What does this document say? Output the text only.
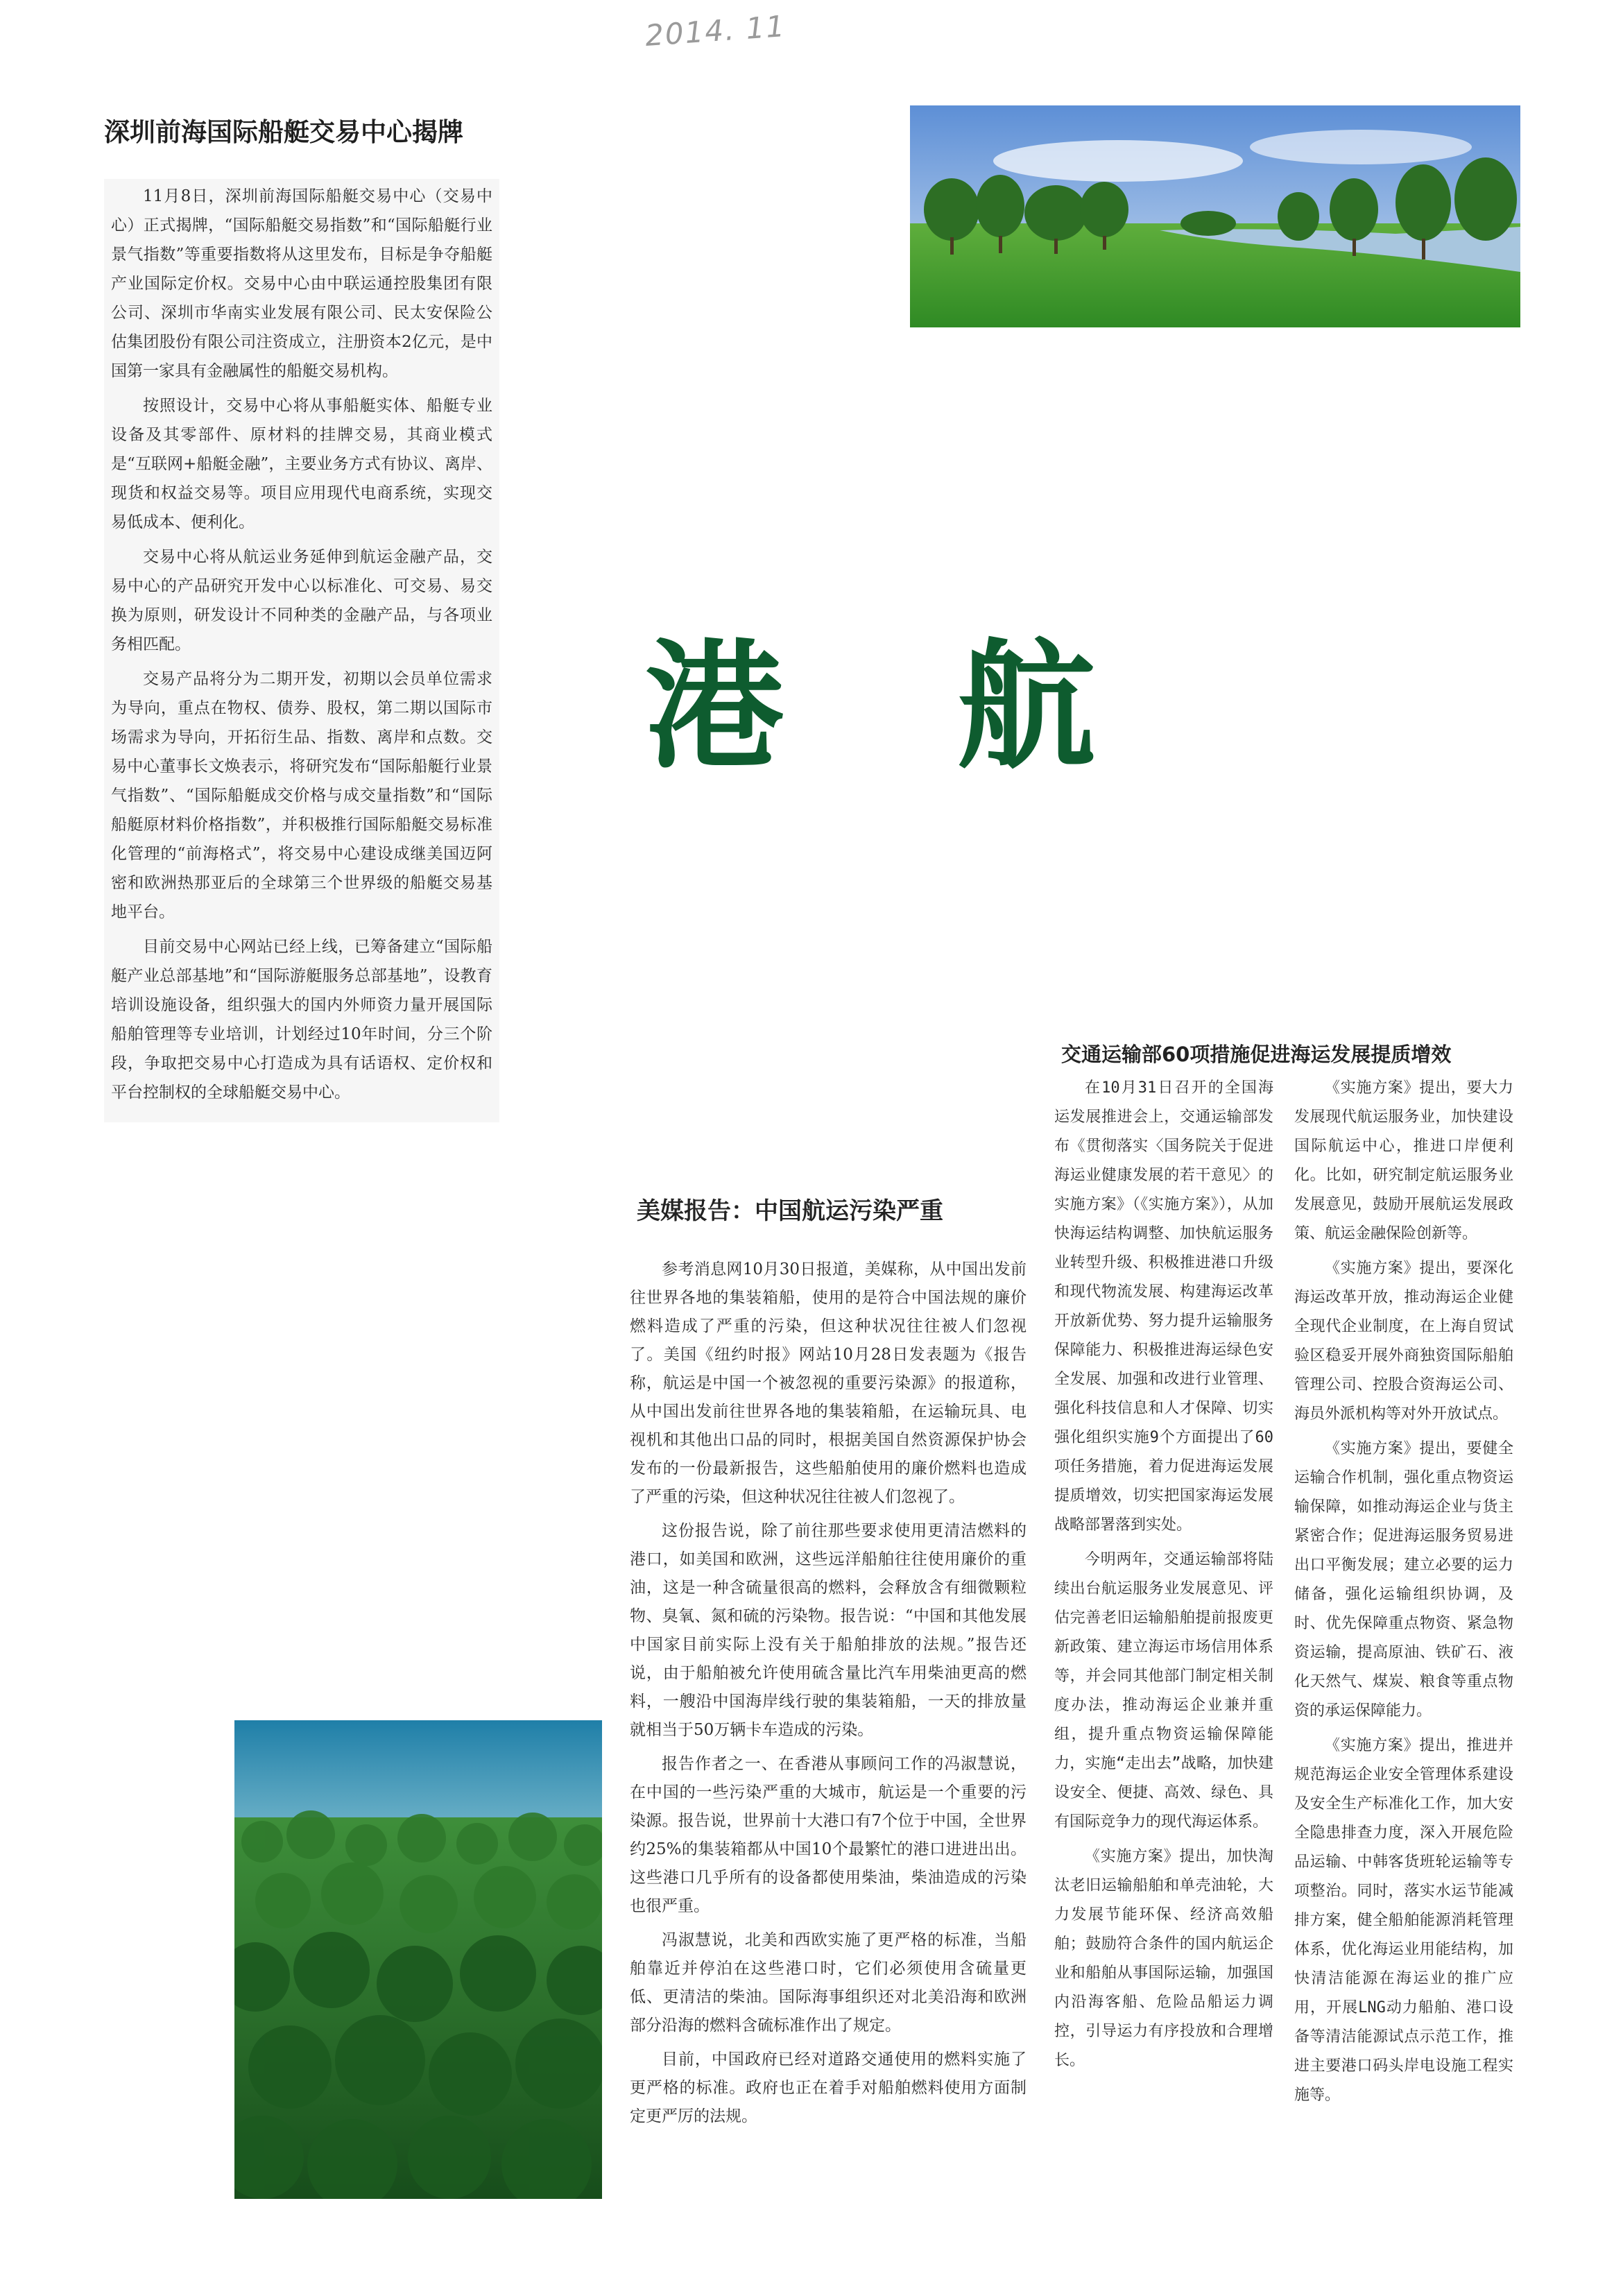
2014. 11
深圳前海国际船艇交易中心揭牌

11月8日，深圳前海国际船艇交易中心（交易中心）正式揭牌，“国际船艇交易指数”和“国际船艇行业景气指数”等重要指数将从这里发布，目标是争夺船艇产业国际定价权。交易中心由中联运通控股集团有限公司、深圳市华南实业发展有限公司、民太安保险公估集团股份有限公司注资成立，注册资本2亿元，是中国第一家具有金融属性的船艇交易机构。

按照设计，交易中心将从事船艇实体、船艇专业设备及其零部件、原材料的挂牌交易，其商业模式是“互联网+船艇金融”，主要业务方式有协议、离岸、现货和权益交易等。项目应用现代电商系统，实现交易低成本、便利化。

交易中心将从航运业务延伸到航运金融产品，交易中心的产品研究开发中心以标准化、可交易、易交换为原则，研发设计不同种类的金融产品，与各项业务相匹配。

交易产品将分为二期开发，初期以会员单位需求为导向，重点在物权、债券、股权，第二期以国际市场需求为导向，开拓衍生品、指数、离岸和点数。交易中心董事长文焕表示，将研究发布“国际船艇行业景气指数”、“国际船艇成交价格与成交量指数”和“国际船艇原材料价格指数”，并积极推行国际船艇交易标准化管理的“前海格式”，将交易中心建设成继美国迈阿密和欧洲热那亚后的全球第三个世界级的船艇交易基地平台。

目前交易中心网站已经上线，已筹备建立“国际船艇产业总部基地”和“国际游艇服务总部基地”，设教育培训设施设备，组织强大的国内外师资力量开展国际船舶管理等专业培训，计划经过10年时间，分三个阶段，争取把交易中心打造成为具有话语权、定价权和平台控制权的全球船艇交易中心。

港 航
交通运输部60项措施促进海运发展提质增效

在10月31日召开的全国海运发展推进会上，交通运输部发布《贯彻落实〈国务院关于促进海运业健康发展的若干意见〉的实施方案》（《实施方案》），从加快海运结构调整、加快航运服务业转型升级、积极推进港口升级和现代物流发展、构建海运改革开放新优势、努力提升运输服务保障能力、积极推进海运绿色安全发展、加强和改进行业管理、强化科技信息和人才保障、切实强化组织实施9个方面提出了60项任务措施，着力促进海运发展提质增效，切实把国家海运发展战略部署落到实处。

今明两年，交通运输部将陆续出台航运服务业发展意见、评估完善老旧运输船舶提前报废更新政策、建立海运市场信用体系等，并会同其他部门制定相关制度办法，推动海运企业兼并重组，提升重点物资运输保障能力，实施“走出去”战略，加快建设安全、便捷、高效、绿色、具有国际竞争力的现代海运体系。

《实施方案》提出，加快淘汰老旧运输船舶和单壳油轮，大力发展节能环保、经济高效船舶；鼓励符合条件的国内航运企业和船舶从事国际运输，加强国内沿海客船、危险品船运力调控，引导运力有序投放和合理增长。

《实施方案》提出，要大力发展现代航运服务业，加快建设国际航运中心，推进口岸便利化。比如，研究制定航运服务业发展意见，鼓励开展航运发展政策、航运金融保险创新等。

《实施方案》提出，要深化海运改革开放，推动海运企业健全现代企业制度，在上海自贸试验区稳妥开展外商独资国际船舶管理公司、控股合资海运公司、海员外派机构等对外开放试点。

《实施方案》提出，要健全运输合作机制，强化重点物资运输保障，如推动海运企业与货主紧密合作；促进海运服务贸易进出口平衡发展；建立必要的运力储备，强化运输组织协调，及时、优先保障重点物资、紧急物资运输，提高原油、铁矿石、液化天然气、煤炭、粮食等重点物资的承运保障能力。

《实施方案》提出，推进并规范海运企业安全管理体系建设及安全生产标准化工作，加大安全隐患排查力度，深入开展危险品运输、中韩客货班轮运输等专项整治。同时，落实水运节能减排方案，健全船舶能源消耗管理体系，优化海运业用能结构，加快清洁能源在海运业的推广应用，开展LNG动力船舶、港口设备等清洁能源试点示范工作，推进主要港口码头岸电设施工程实施等。

美媒报告：中国航运污染严重

参考消息网10月30日报道，美媒称，从中国出发前往世界各地的集装箱船，使用的是符合中国法规的廉价燃料造成了严重的污染，但这种状况往往被人们忽视了。美国《纽约时报》网站10月28日发表题为《报告称，航运是中国一个被忽视的重要污染源》的报道称，从中国出发前往世界各地的集装箱船，在运输玩具、电视机和其他出口品的同时，根据美国自然资源保护协会发布的一份最新报告，这些船舶使用的廉价燃料也造成了严重的污染，但这种状况往往被人们忽视了。

这份报告说，除了前往那些要求使用更清洁燃料的港口，如美国和欧洲，这些远洋船舶往往使用廉价的重油，这是一种含硫量很高的燃料，会释放含有细微颗粒物、臭氧、氮和硫的污染物。报告说：“中国和其他发展中国家目前实际上没有关于船舶排放的法规。”报告还说，由于船舶被允许使用硫含量比汽车用柴油更高的燃料，一艘沿中国海岸线行驶的集装箱船，一天的排放量就相当于50万辆卡车造成的污染。

报告作者之一、在香港从事顾问工作的冯淑慧说，在中国的一些污染严重的大城市，航运是一个重要的污染源。报告说，世界前十大港口有7个位于中国，全世界约25%的集装箱都从中国10个最繁忙的港口进进出出。这些港口几乎所有的设备都使用柴油，柴油造成的污染也很严重。

冯淑慧说，北美和西欧实施了更严格的标准，当船舶靠近并停泊在这些港口时，它们必须使用含硫量更低、更清洁的柴油。国际海事组织还对北美沿海和欧洲部分沿海的燃料含硫标准作出了规定。

目前，中国政府已经对道路交通使用的燃料实施了更严格的标准。政府也正在着手对船舶燃料使用方面制定更严厉的法规。
